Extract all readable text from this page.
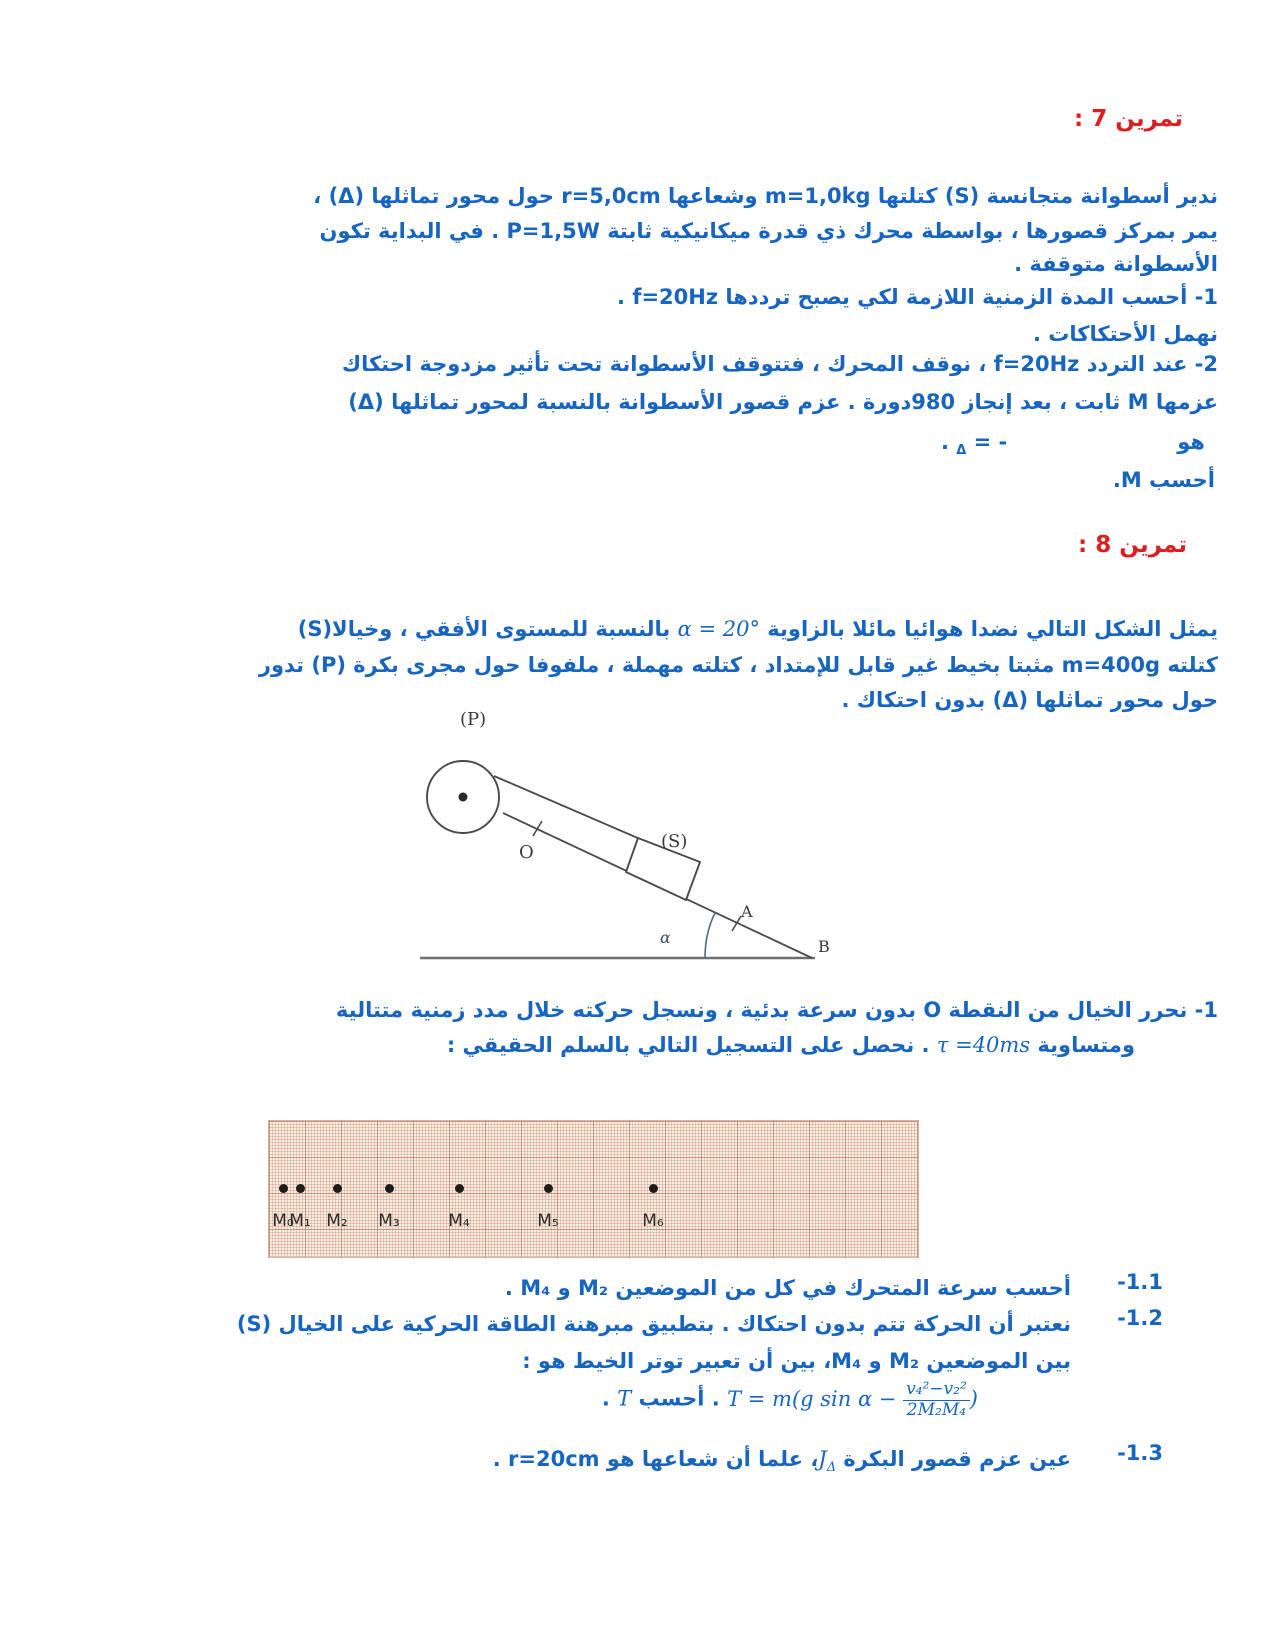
تمرين 7 :
ندير أسطوانة متجانسة (S) كتلتها m=1,0kg وشعاعها r=5,0cm حول محور تماثلها (Δ) ،
يمر بمركز قصورها ، بواسطة محرك ذي قدرة ميكانيكية ثابتة P=1,5W . في البداية تكون
الأسطوانة متوقفة .
1- أحسب المدة الزمنية اللازمة لكي يصبح ترددها f=20Hz .
نهمل الأحتكاكات .
2- عند التردد f=20Hz ، نوقف المحرك ، فتتوقف الأسطوانة تحت تأثير مزدوجة احتكاك
عزمها M ثابت ، بعد إنجاز 980دورة . عزم قصور الأسطوانة بالنسبة لمحور تماثلها (Δ)
هو. $_\Delta$ = -
أحسب M.
تمرين 8 :
يمثل الشكل التالي نضدا هوائيا مائلا بالزاوية α = 20° بالنسبة للمستوى الأفقي ، وخيالا(S)
كتلته m=400g مثبتا بخيط غير قابل للإمتداد ، كتلته مهملة ، ملفوفا حول مجرى بكرة (P) تدور
حول محور تماثلها (Δ) بدون احتكاك .
(P)
O
(S)
A
α	B
1- نحرر الخيال من النقطة O بدون سرعة بدئية ، ونسجل حركته خلال مدد زمنية متتالية
ومتساوية τ =40ms . نحصل على التسجيل التالي بالسلم الحقيقي :
M₀
M₁ M₂	M₃	M₄	M₅	M₆
1.1-
أحسب سرعة المتحرك في كل من الموضعين M₂ و M₄ .
1.2-
نعتبر أن الحركة تتم بدون احتكاك . بتطبيق مبرهنة الطاقة الحركية على الخيال (S)
بين الموضعين M₂ و M₄، بين أن تعبير توتر الخيط هو :
T = m(g $\sin \alpha - \frac{\text{v₄²−v₂²}}{\text{2M₂M₄}}$ ) . أحسب T .
1.3-
عين عزم قصور البكرة $J_\Delta،$ علما أن شعاعها هو r=20cm .
